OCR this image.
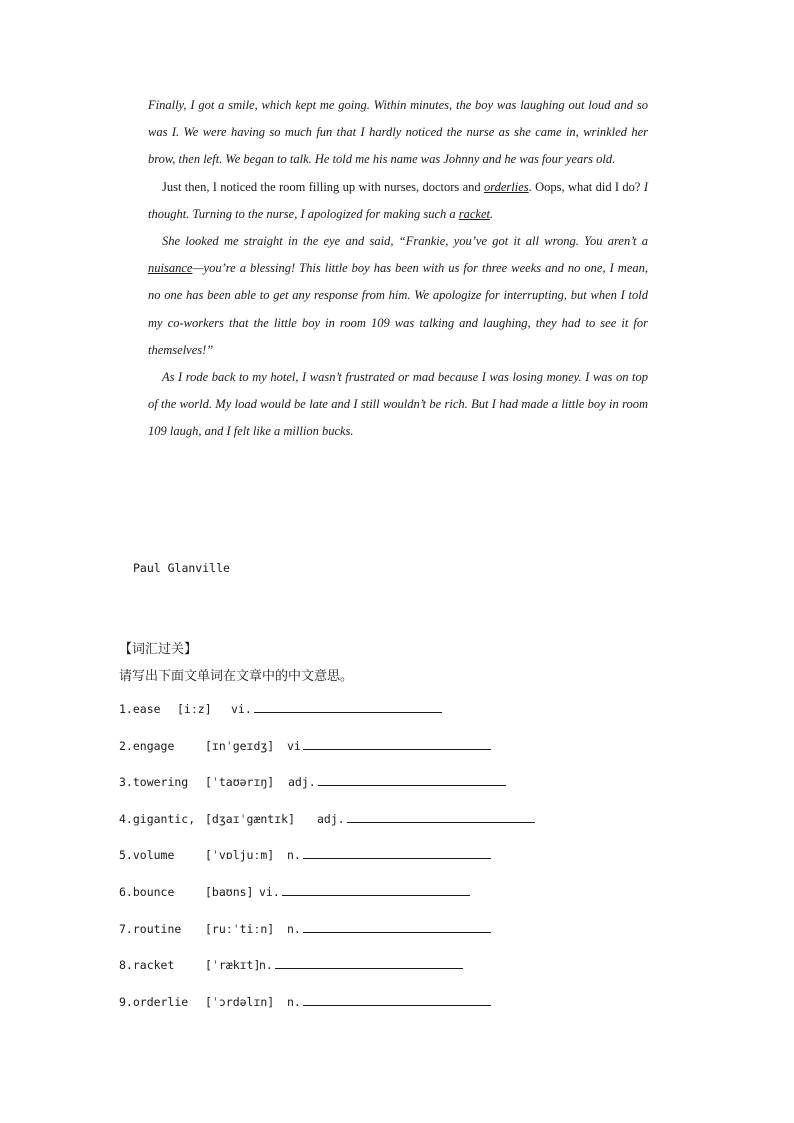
Finally, I got a smile, which kept me going. Within minutes, the boy was laughing out loud and so was I. We were having so much fun that I hardly noticed the nurse as she came in, wrinkled her brow, then left. We began to talk. He told me his name was Johnny and he was four years old.

Just then, I noticed the room filling up with nurses, doctors and orderlies. Oops, what did I do? I thought. Turning to the nurse, I apologized for making such a racket.

She looked me straight in the eye and said, “Frankie, you’ve got it all wrong. You aren’t a nuisance—you’re a blessing! This little boy has been with us for three weeks and no one, I mean, no one has been able to get any response from him. We apologize for interrupting, but when I told my co-workers that the little boy in room 109 was talking and laughing, they had to see it for themselves!”

As I rode back to my hotel, I wasn’t frustrated or mad because I was losing money. I was on top of the world. My load would be late and I still wouldn’t be rich. But I had made a little boy in room 109 laugh, and I felt like a million bucks.

Paul Glanville
【词汇过关】
请写出下面文单词在文章中的中文意思。
1.ease [iːz] vi.
2.engage	[ɪnˈgeɪdʒ] vi
3.towering [ˈtaʊərɪŋ] adj.
4.gigantic, [dʒaɪˈgæntɪk] adj.
5.volume	[ˈvɒljuːm] n.
6.bounce	[baʊns] vi.
7.routine [ruːˈtiːn] n.
8.racket	[ˈrækɪt]n.
9.orderlie [ˈɔrdəlɪn] n.
